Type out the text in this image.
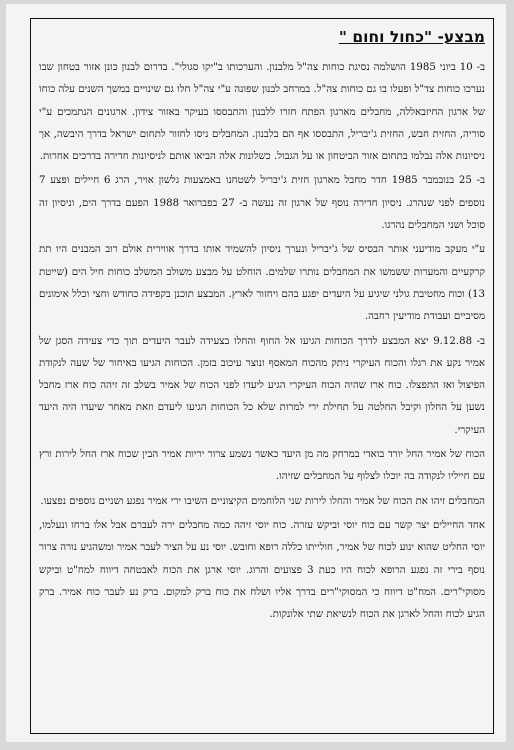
מבצע- "כחול וחום "

ב- 10 ביוני 1985 הושלמה נסיגת כוחות צה"ל מלבנון. והערכותו ב"יקו סגולי". בדרום לבנון כונן אזור בטחון שבו נערכו כוחות צד"ל ופעלו בו גם כוחות צה"ל. במרחב לבנון שפונה ע"י צה"ל חלו גם שינויים במשך השנים עלה כוחו של ארגון החיזבאללה, מחבלים מארגון הפתח חזרו ללבנון והתבססו בעיקר באזור צידון. ארגונים הנתמכים ע"י סוריה, החזית חבש, החזית ג'יבריל, התבססו אף הם בלבנון. המחבלים ניסו לחזור לתחום ישראל בדרך היבשה, אך ניסיונות אלה נבלמו בתחום אזור הביטחון או על הגבול. כשלונות אלה הביאו אותם לניסיונות חדירה בדרכים אחרות.

ב- 25 בנובמבר 1985 חדר מחבל מארגון חזית ג'יבריל לשטחנו באמצעות גלשון אויר, הרג 6 חיילים ופצע 7 נוספים לפני שנהרג. ניסיון חדירה נוסף של ארגון זה נעשה ב- 27 בפברואר 1988 הפעם בדרך הים, וניסיון זה סוכל ושני המחבלים נהרגו.

ע"י מעקב מודיעני אותר הבסיס של ג'יבריל ונערך ניסיון להשמיד אותו בדרך אווירית אולם רוב המבנים היו תת קרקעיים והמערות ששמשו את המחבלים נותרו שלמים. הוחלט על מבצע משולב המשלב כוחות חיל הים (שייטת 13) וכוח מחטיבת גולני שיגיע על היעדים יפגע בהם ויחזור לארץ. המבצע תוכנן בקפידה כחודש וחצי וכלל אימונים מסיביים ועבודת מודיעין רחבה.

ב- 9.12.88 יצא המבצע לדרך הכוחות הגיעו אל החוף והחלו בצעידה לעבר היעדים תוך כדי צעידה הסגן של אמיר נקע את רגלו והכוח העיקרי ניתק מהכוח המאסף ונוצר עיכוב בזמן. הכוחות הגיעו באיחור של שעה לנקודת הפיצול ואז התפצלו. כוח ארז שהיה הכוח העיקרי הגיע ליעדו לפני הכוח של אמיר בשלב זה זיהה כוח ארז מחבל נשען על החלון וקיבל החלטה על תחילת ירי למרות שלא כל הכוחות הגיעו ליעדם וזאת מאחר שיעדו היה היעד העיקרי.

הכוח של אמיר החל יורד בואדי במרחק מה מן היעד כאשר נשמע צרור יריות אמיר הבין שכוח ארז החל לירות ורץ עם חייליו לנקודה בה יוכלו לצלוף על המחבלים שזיהו.

המחבלים זיהו את הכוח של אמיר והחלו לירות שני הלוחמים הקיצוניים השיבו ירי אמיר נפגע ושניים נוספים נפצעו.

אחד החיילים יצר קשר עם כוח יוסי וביקש עזרה. כוח יוסי זיהה כמה מחבלים ירה לעברם אבל אלו ברחו ונעלמו, יוסי החליט שהוא ינוע לכוח של אמיר, חולייתו כללה רופא וחובש. יוסי נע על הציר לעבר אמיר ומשהגיע נורה צרור נוסף בירי זה נפגע הרופא לכוח היו כעת 3 פצועים והרוג. יוסי ארגן את הכוח לאבטחה דיווח למח"ט וביקש מסוקי"רים. המח"ט דיווח כי המסוקי"רים בדרך אליו ושלח את כוח ברק למקום. ברק נע לעבר כוח אמיר. ברק הגיע לכוח והחל לארגן את הכוח לנשיאת שתי אלונקות.
